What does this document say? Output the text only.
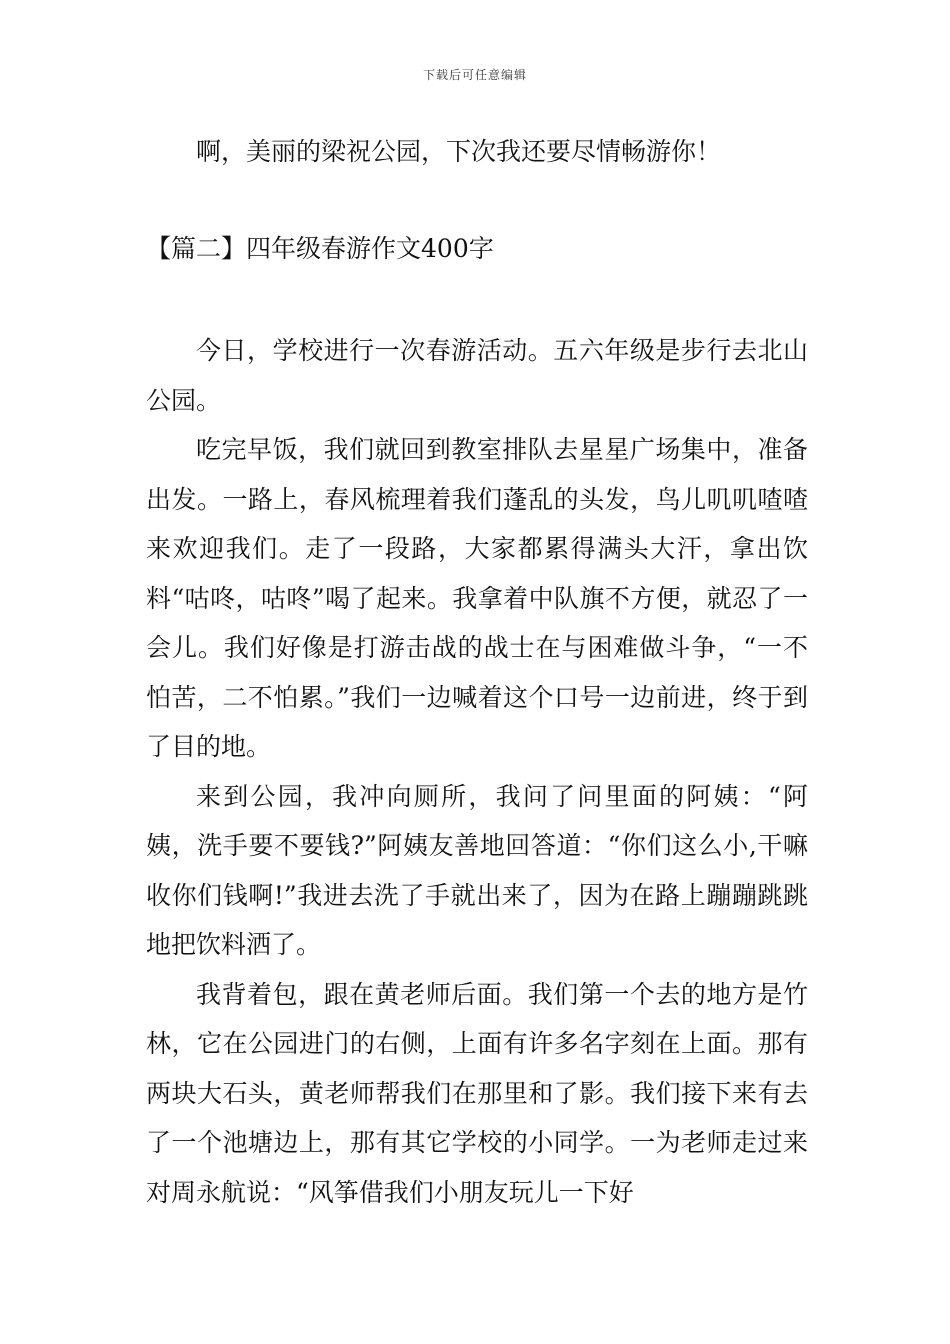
下载后可任意编辑
啊，美丽的梁祝公园，下次我还要尽情畅游你！
【篇二】四年级春游作文400字

今日，学校进行一次春游活动。五六年级是步行去北山公园。

吃完早饭，我们就回到教室排队去星星广场集中，准备出发。一路上，春风梳理着我们蓬乱的头发，鸟儿叽叽喳喳来欢迎我们。走了一段路，大家都累得满头大汗，拿出饮料“咕咚，咕咚”喝了起来。我拿着中队旗不方便，就忍了一会儿。我们好像是打游击战的战士在与困难做斗争，“一不怕苦，二不怕累。”我们一边喊着这个口号一边前进，终于到了目的地。

来到公园，我冲向厕所，我问了问里面的阿姨：“阿姨，洗手要不要钱?”阿姨友善地回答道：“你们这么小,干嘛收你们钱啊!”我进去洗了手就出来了，因为在路上蹦蹦跳跳地把饮料洒了。

我背着包，跟在黄老师后面。我们第一个去的地方是竹林，它在公园进门的右侧，上面有许多名字刻在上面。那有两块大石头，黄老师帮我们在那里和了影。我们接下来有去了一个池塘边上，那有其它学校的小同学。一为老师走过来对周永航说：“风筝借我们小朋友玩儿一下好
